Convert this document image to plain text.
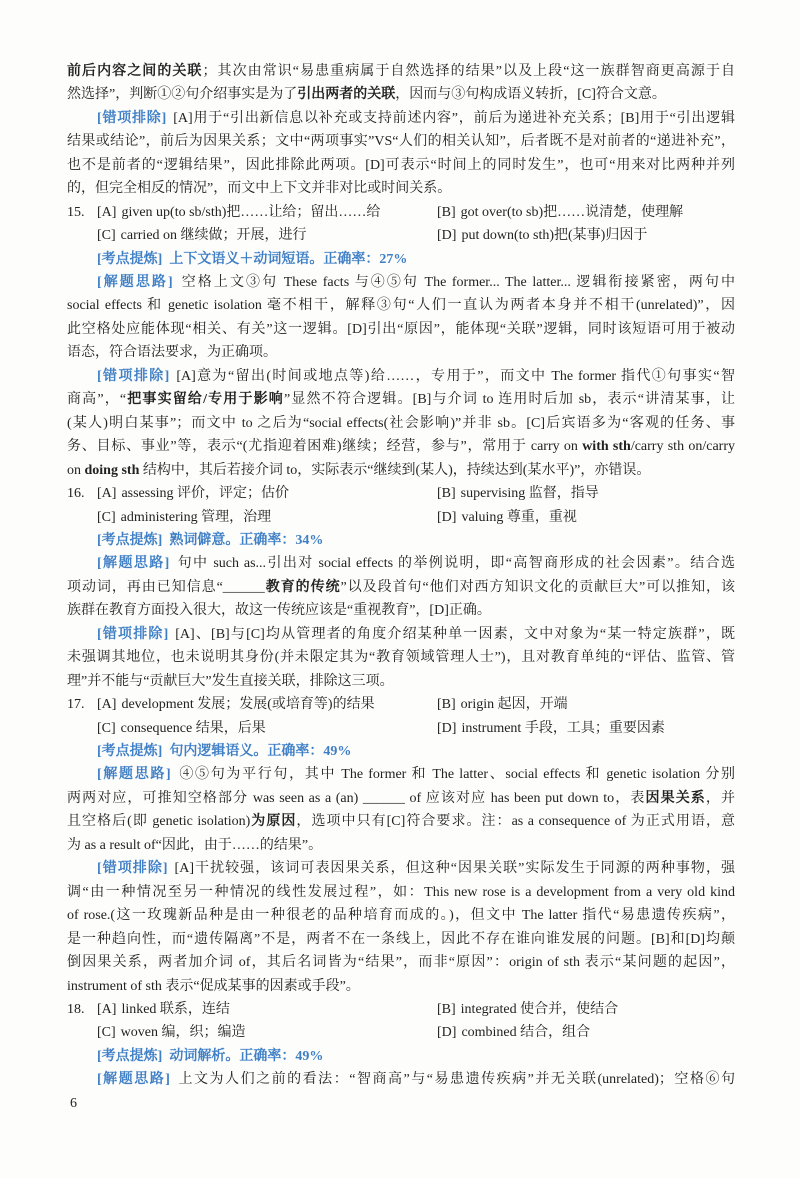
前后内容之间的关联；其次由常识“易患重病属于自然选择的结果”以及上段“这一族群智商更高源于自
然选择”，判断①②句介绍事实是为了引出两者的关联，因而与③句构成语义转折，[C]符合文意。
[错项排除] [A]用于“引出新信息以补充或支持前述内容”，前后为递进补充关系；[B]用于“引出逻辑
结果或结论”，前后为因果关系；文中“两项事实”VS“人们的相关认知”，后者既不是对前者的“递进补充”，
也不是前者的“逻辑结果”，因此排除此两项。[D]可表示“时间上的同时发生”，也可“用来对比两种并列
的，但完全相反的情况”，而文中上下文并非对比或时间关系。
15. [A] given up(to sb/sth)把……让给；留出……给	[B] got over(to sb)把……说清楚，使理解
[C] carried on 继续做；开展，进行	[D] put down(to sth)把(某事)归因于
[考点提炼] 上下文语义＋动词短语。正确率：27%
[解题思路] 空格上文③句 These facts 与④⑤句 The former... The latter... 逻辑衔接紧密，两句中
social effects 和 genetic isolation 毫不相干，解释③句“人们一直认为两者本身并不相干(unrelated)”，因
此空格处应能体现“相关、有关”这一逻辑。[D]引出“原因”，能体现“关联”逻辑，同时该短语可用于被动
语态，符合语法要求，为正确项。
[错项排除] [A]意为“留出(时间或地点等)给……，专用于”，而文中 The former 指代①句事实“智
商高”，“把事实留给/专用于影响”显然不符合逻辑。[B]与介词 to 连用时后加 sb，表示“讲清某事，让
(某人)明白某事”；而文中 to 之后为“social effects(社会影响)”并非 sb。[C]后宾语多为“客观的任务、事
务、目标、事业”等，表示“(尤指迎着困难)继续；经营，参与”，常用于 carry on with sth/carry sth on/carry
on doing sth 结构中，其后若接介词 to，实际表示“继续到(某人)，持续达到(某水平)”，亦错误。
16. [A] assessing 评价，评定；估价	[B] supervising 监督，指导
[C] administering 管理，治理	[D] valuing 尊重，重视
[考点提炼] 熟词僻意。正确率：34%
[解题思路] 句中 such as...引出对 social effects 的举例说明，即“高智商形成的社会因素”。结合选
项动词，再由已知信息“______教育的传统”以及段首句“他们对西方知识文化的贡献巨大”可以推知，该
族群在教育方面投入很大，故这一传统应该是“重视教育”，[D]正确。
[错项排除] [A]、[B]与[C]均从管理者的角度介绍某种单一因素，文中对象为“某一特定族群”，既
未强调其地位，也未说明其身份(并未限定其为“教育领域管理人士”)，且对教育单纯的“评估、监管、管
理”并不能与“贡献巨大”发生直接关联，排除这三项。
17. [A] development 发展；发展(或培育等)的结果	[B] origin 起因，开端
[C] consequence 结果，后果	[D] instrument 手段，工具；重要因素
[考点提炼] 句内逻辑语义。正确率：49%
[解题思路] ④⑤句为平行句，其中 The former 和 The latter、social effects 和 genetic isolation 分别
两两对应，可推知空格部分 was seen as a (an) ______ of 应该对应 has been put down to，表因果关系，并
且空格后(即 genetic isolation)为原因，选项中只有[C]符合要求。注：as a consequence of 为正式用语，意
为 as a result of“因此，由于……的结果”。
[错项排除] [A]干扰较强，该词可表因果关系，但这种“因果关联”实际发生于同源的两种事物，强
调“由一种情况至另一种情况的线性发展过程”，如：This new rose is a development from a very old kind
of rose.(这一玫瑰新品种是由一种很老的品种培育而成的。)，但文中 The latter 指代“易患遗传疾病”，
是一种趋向性，而“遗传隔离”不是，两者不在一条线上，因此不存在谁向谁发展的问题。[B]和[D]均颠
倒因果关系，两者加介词 of，其后名词皆为“结果”，而非“原因”：origin of sth 表示“某问题的起因”，
instrument of sth 表示“促成某事的因素或手段”。
18. [A] linked 联系，连结	[B] integrated 使合并，使结合
[C] woven 编，织；编造	[D] combined 结合，组合
[考点提炼] 动词解析。正确率：49%
[解题思路] 上文为人们之前的看法：“智商高”与“易患遗传疾病”并无关联(unrelated)；空格⑥句
6
